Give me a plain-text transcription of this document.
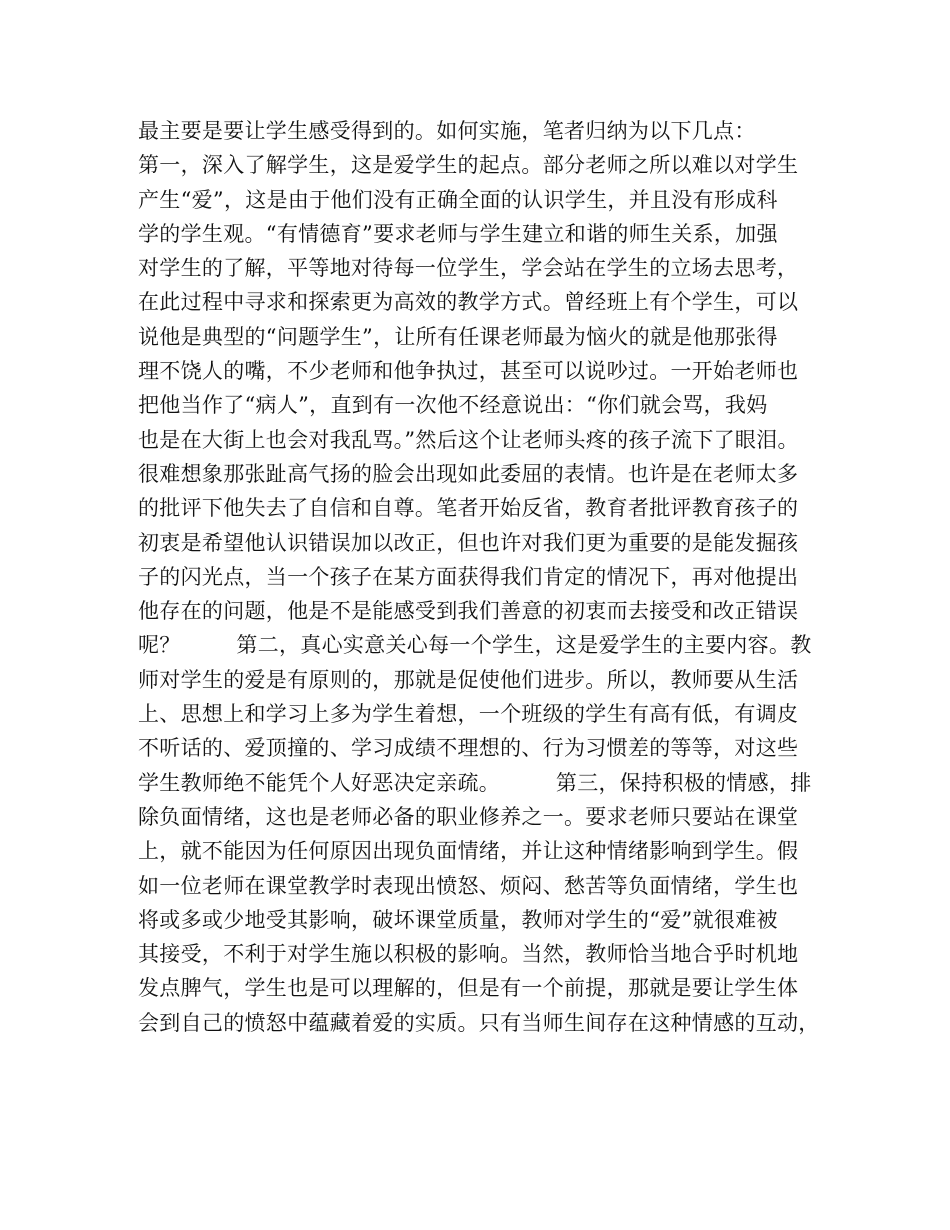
最主要是要让学生感受得到的。如何实施，笔者归纳为以下几点：
第一，深入了解学生，这是爱学生的起点。部分老师之所以难以对学生
产生“爱”，这是由于他们没有正确全面的认识学生，并且没有形成科
学的学生观。“有情德育”要求老师与学生建立和谐的师生关系，加强
对学生的了解，平等地对待每一位学生，学会站在学生的立场去思考，
在此过程中寻求和探索更为高效的教学方式。曾经班上有个学生，可以
说他是典型的“问题学生”，让所有任课老师最为恼火的就是他那张得
理不饶人的嘴，不少老师和他争执过，甚至可以说吵过。一开始老师也
把他当作了“病人”，直到有一次他不经意说出：“你们就会骂，我妈
也是在大街上也会对我乱骂。”然后这个让老师头疼的孩子流下了眼泪。
很难想象那张趾高气扬的脸会出现如此委屈的表情。也许是在老师太多
的批评下他失去了自信和自尊。笔者开始反省，教育者批评教育孩子的
初衷是希望他认识错误加以改正，但也许对我们更为重要的是能发掘孩
子的闪光点，当一个孩子在某方面获得我们肯定的情况下，再对他提出
他存在的问题，他是不是能感受到我们善意的初衷而去接受和改正错误
呢？        第二，真心实意关心每一个学生，这是爱学生的主要内容。教
师对学生的爱是有原则的，那就是促使他们进步。所以，教师要从生活
上、思想上和学习上多为学生着想，一个班级的学生有高有低，有调皮
不听话的、爱顶撞的、学习成绩不理想的、行为习惯差的等等，对这些
学生教师绝不能凭个人好恶决定亲疏。        第三，保持积极的情感，排
除负面情绪，这也是老师必备的职业修养之一。要求老师只要站在课堂
上，就不能因为任何原因出现负面情绪，并让这种情绪影响到学生。假
如一位老师在课堂教学时表现出愤怒、烦闷、愁苦等负面情绪，学生也
将或多或少地受其影响，破坏课堂质量，教师对学生的“爱”就很难被
其接受，不利于对学生施以积极的影响。当然，教师恰当地合乎时机地
发点脾气，学生也是可以理解的，但是有一个前提，那就是要让学生体
会到自己的愤怒中蕴藏着爱的实质。只有当师生间存在这种情感的互动，
